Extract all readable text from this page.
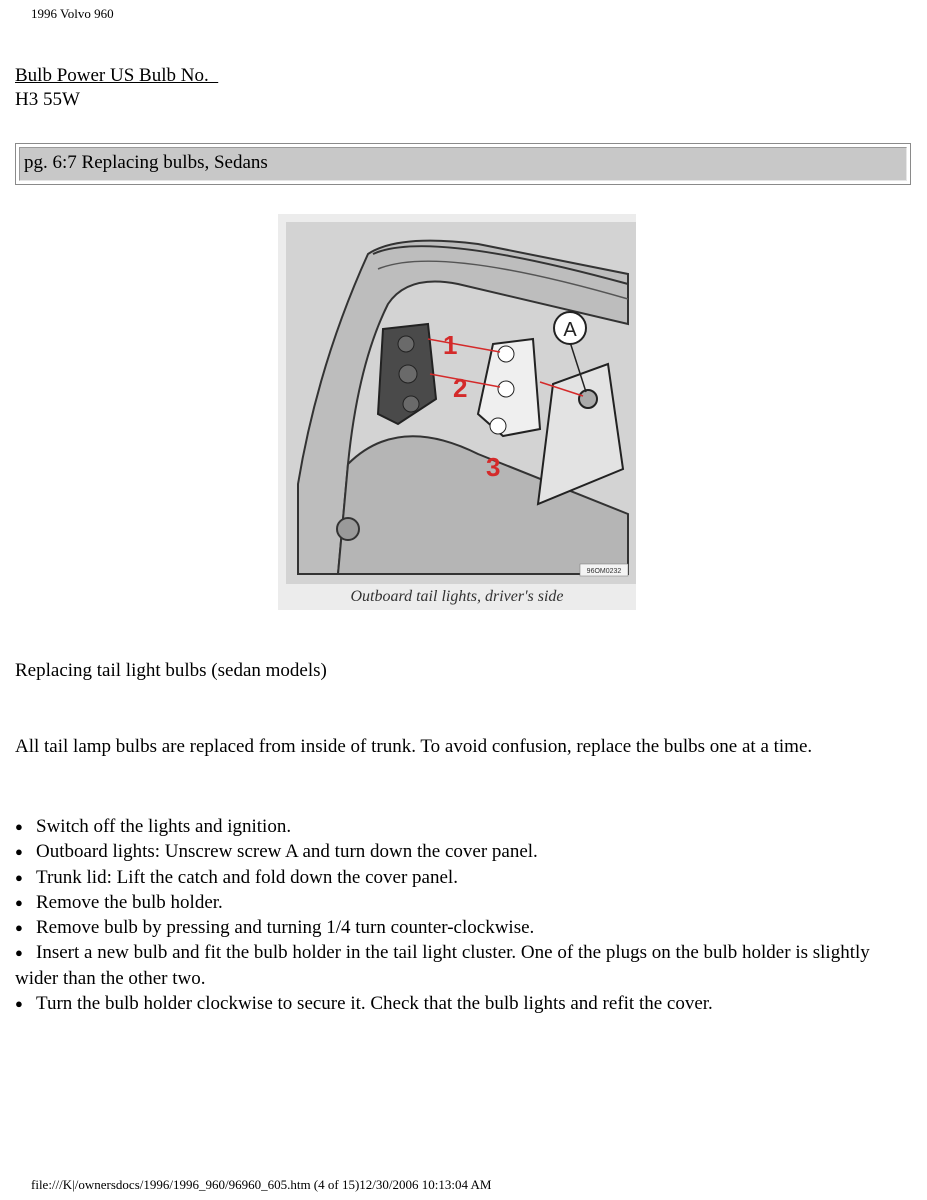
1996 Volvo 960
Bulb Power US Bulb No.
H3 55W
pg. 6:7 Replacing bulbs, Sedans
1
2
3
A
96OM0232
Outboard tail lights, driver's side
Replacing tail light bulbs (sedan models)
All tail lamp bulbs are replaced from inside of trunk. To avoid confusion, replace the bulbs one at a time.
● Switch off the lights and ignition.
● Outboard lights: Unscrew screw A and turn down the cover panel.
● Trunk lid: Lift the catch and fold down the cover panel.
● Remove the bulb holder.
● Remove bulb by pressing and turning 1/4 turn counter-clockwise.
● Insert a new bulb and fit the bulb holder in the tail light cluster. One of the plugs on the bulb holder is slightly wider than the other two.
● Turn the bulb holder clockwise to secure it. Check that the bulb lights and refit the cover.
file:///K|/ownersdocs/1996/1996_960/96960_605.htm (4 of 15)12/30/2006 10:13:04 AM
